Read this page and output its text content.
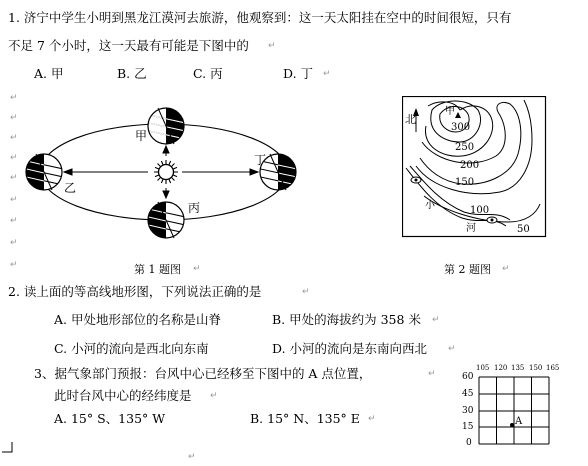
1. 济宁中学生小明到黑龙江漠河去旅游，他观察到：这一天太阳挂在空中的时间很短，只有
不足 7 个小时，这一天最有可能是下图中的 ↵
A. 甲	B. 乙	C. 丙	D. 丁 ↵
↵
↵
↵
↵
↵
↵
↵
↵
↵
甲
乙
丙
丁
第 1 题图 ↵
北
甲
300
250
200
150
100
50
小
河
第 2 题图 ↵
2. 读上面的等高线地形图，下列说法正确的是	↵
A. 甲处地形部位的名称是山脊	B. 甲处的海拔约为 358 米 ↵
C. 小河的流向是西北向东南	D. 小河的流向是东南向西北 ↵
3、据气象部门预报：台风中心已经移至下图中的 A 点位置，	↵
此时台风中心的经纬度是 ↵
A. 15° S、135° W	B. 15° N、135° E ↵
↵
105 120 135 150 165
60
45
30
15
0
A
